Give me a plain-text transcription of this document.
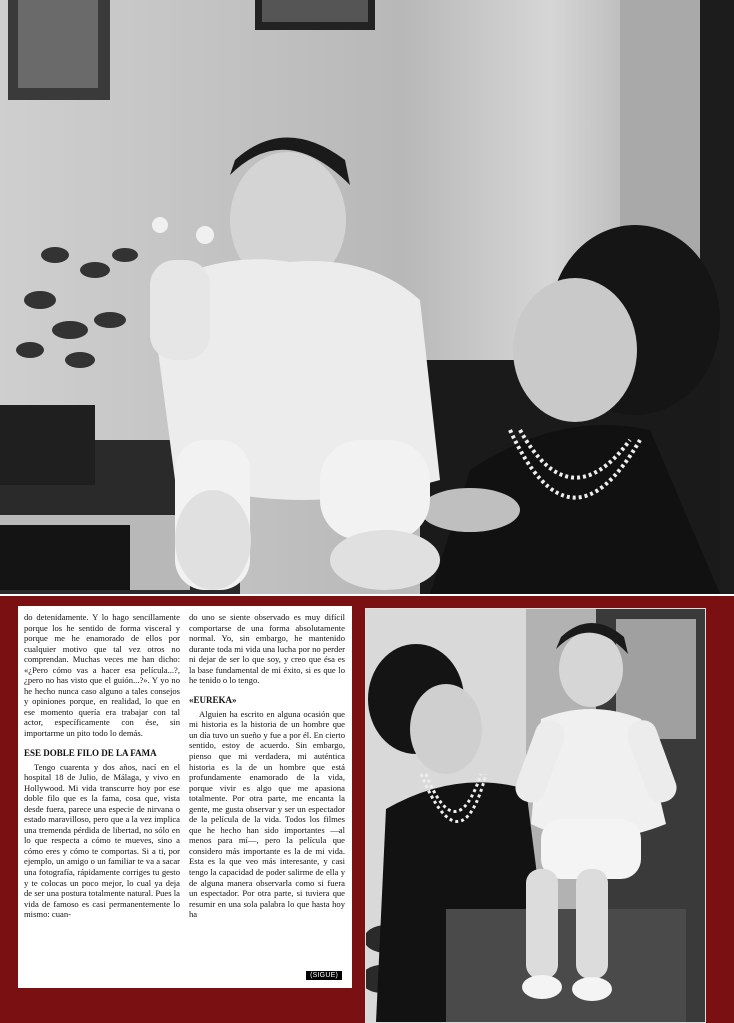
do detenidamente. Y lo hago sencillamente porque los he sentido de forma visceral y porque me he enamorado de ellos por cualquier motivo que tal vez otros no comprendan. Muchas veces me han dicho: «¿Pero cómo vas a hacer esa película...?, ¿pero no has visto que el guión...?». Y yo no he hecho nunca caso alguno a tales consejos y opiniones porque, en realidad, lo que en ese momento quería era trabajar con tal actor, específicamente con ése, sin importarme un pito todo lo demás.

ESE DOBLE FILO DE LA FAMA

Tengo cuarenta y dos años, nací en el hospital 18 de Julio, de Málaga, y vivo en Hollywood. Mi vida transcurre hoy por ese doble filo que es la fama, cosa que, vista desde fuera, parece una especie de nirvana o estado maravilloso, pero que a la vez implica una tremenda pérdida de libertad, no sólo en lo que respecta a cómo te mueves, sino a cómo eres y cómo te comportas. Si a ti, por ejemplo, un amigo o un familiar te va a sacar una fotografía, rápidamente corriges tu gesto y te colocas un poco mejor, lo cual ya deja de ser una postura totalmente natural. Pues la vida de famoso es casi permanentemente lo mismo: cuan-

do uno se siente observado es muy difícil comportarse de una forma absolutamente normal. Yo, sin embargo, he mantenido durante toda mi vida una lucha por no perder ni dejar de ser lo que soy, y creo que ésa es la base fundamental de mi éxito, si es que lo he tenido o lo tengo.

«EUREKA»

Alguien ha escrito en alguna ocasión que mi historia es la historia de un hombre que un día tuvo un sueño y fue a por él. En cierto sentido, estoy de acuerdo. Sin embargo, pienso que mi verdadera, mi auténtica historia es la de un hombre que está profundamente enamorado de la vida, porque vivir es algo que me apasiona totalmente. Por otra parte, me encanta la gente, me gusta observar y ser un espectador de la película de la vida. Todos los filmes que he hecho han sido importantes —al menos para mí—, pero la película que considero más importante es la de mi vida. Esta es la que veo más interesante, y casi tengo la capacidad de poder salirme de ella y de alguna manera observarla como si fuera un espectador. Por otra parte, si tuviera que resumir en una sola palabra lo que hasta hoy ha

(SIGUE)
